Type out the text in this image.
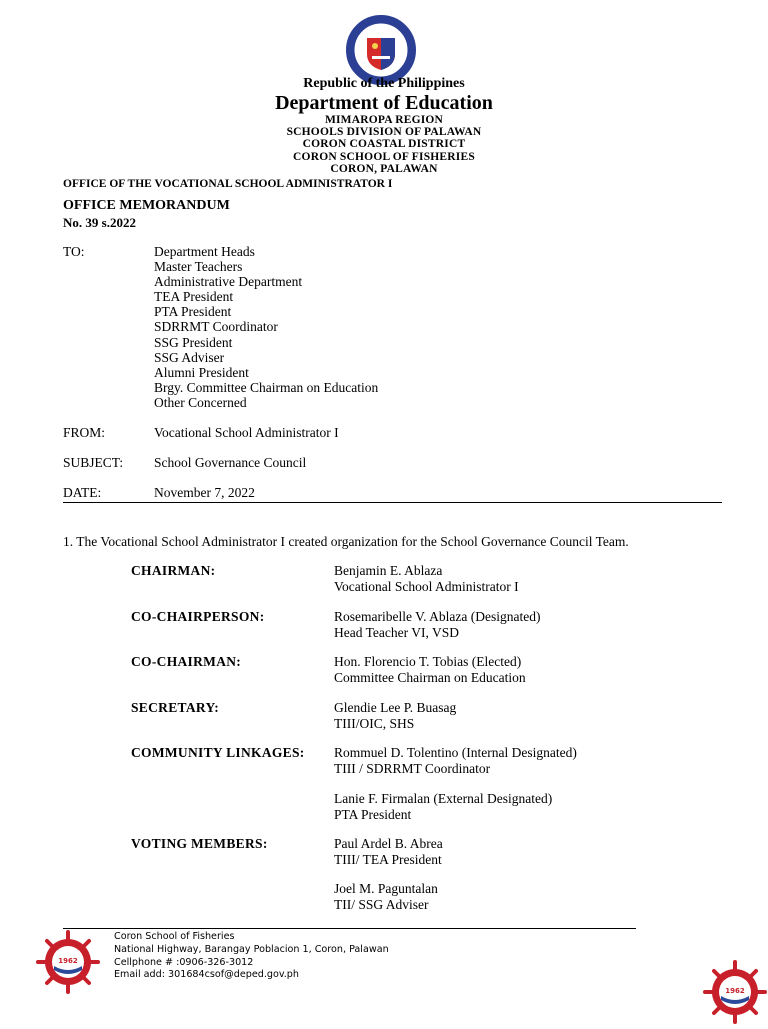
Republic of the Philippines
Department of Education
MIMAROPA REGION
SCHOOLS DIVISION OF PALAWAN
CORON COASTAL DISTRICT
CORON SCHOOL OF FISHERIES
CORON, PALAWAN
OFFICE OF THE VOCATIONAL SCHOOL ADMINISTRATOR I
OFFICE MEMORANDUM
No. 39 s.2022
TO:	Department Heads
Master Teachers
Administrative Department
TEA President
PTA President
SDRRMT Coordinator
SSG President
SSG Adviser
Alumni President
Brgy. Committee Chairman on Education
Other Concerned
FROM:	Vocational School Administrator I
SUBJECT: School Governance Council
DATE:	November 7, 2022
1. The Vocational School Administrator I created organization for the School Governance Council Team.
CHAIRMAN:	Benjamin E. Ablaza
Vocational School Administrator I
CO-CHAIRPERSON:	Rosemaribelle V. Ablaza (Designated)
Head Teacher VI, VSD
CO-CHAIRMAN:	Hon. Florencio T. Tobias (Elected)
Committee Chairman on Education
SECRETARY:	Glendie Lee P. Buasag
TIII/OIC, SHS
COMMUNITY LINKAGES: Rommuel D. Tolentino (Internal Designated)
TIII / SDRRMT Coordinator
Lanie F. Firmalan (External Designated)
PTA President
VOTING MEMBERS:	Paul Ardel B. Abrea
TIII/ TEA President
Joel M. Paguntalan
TII/ SSG Adviser
1962
Coron School of Fisheries
National Highway, Barangay Poblacion 1, Coron, Palawan
Cellphone # :0906-326-3012
Email add: 301684csof@deped.gov.ph
1962
